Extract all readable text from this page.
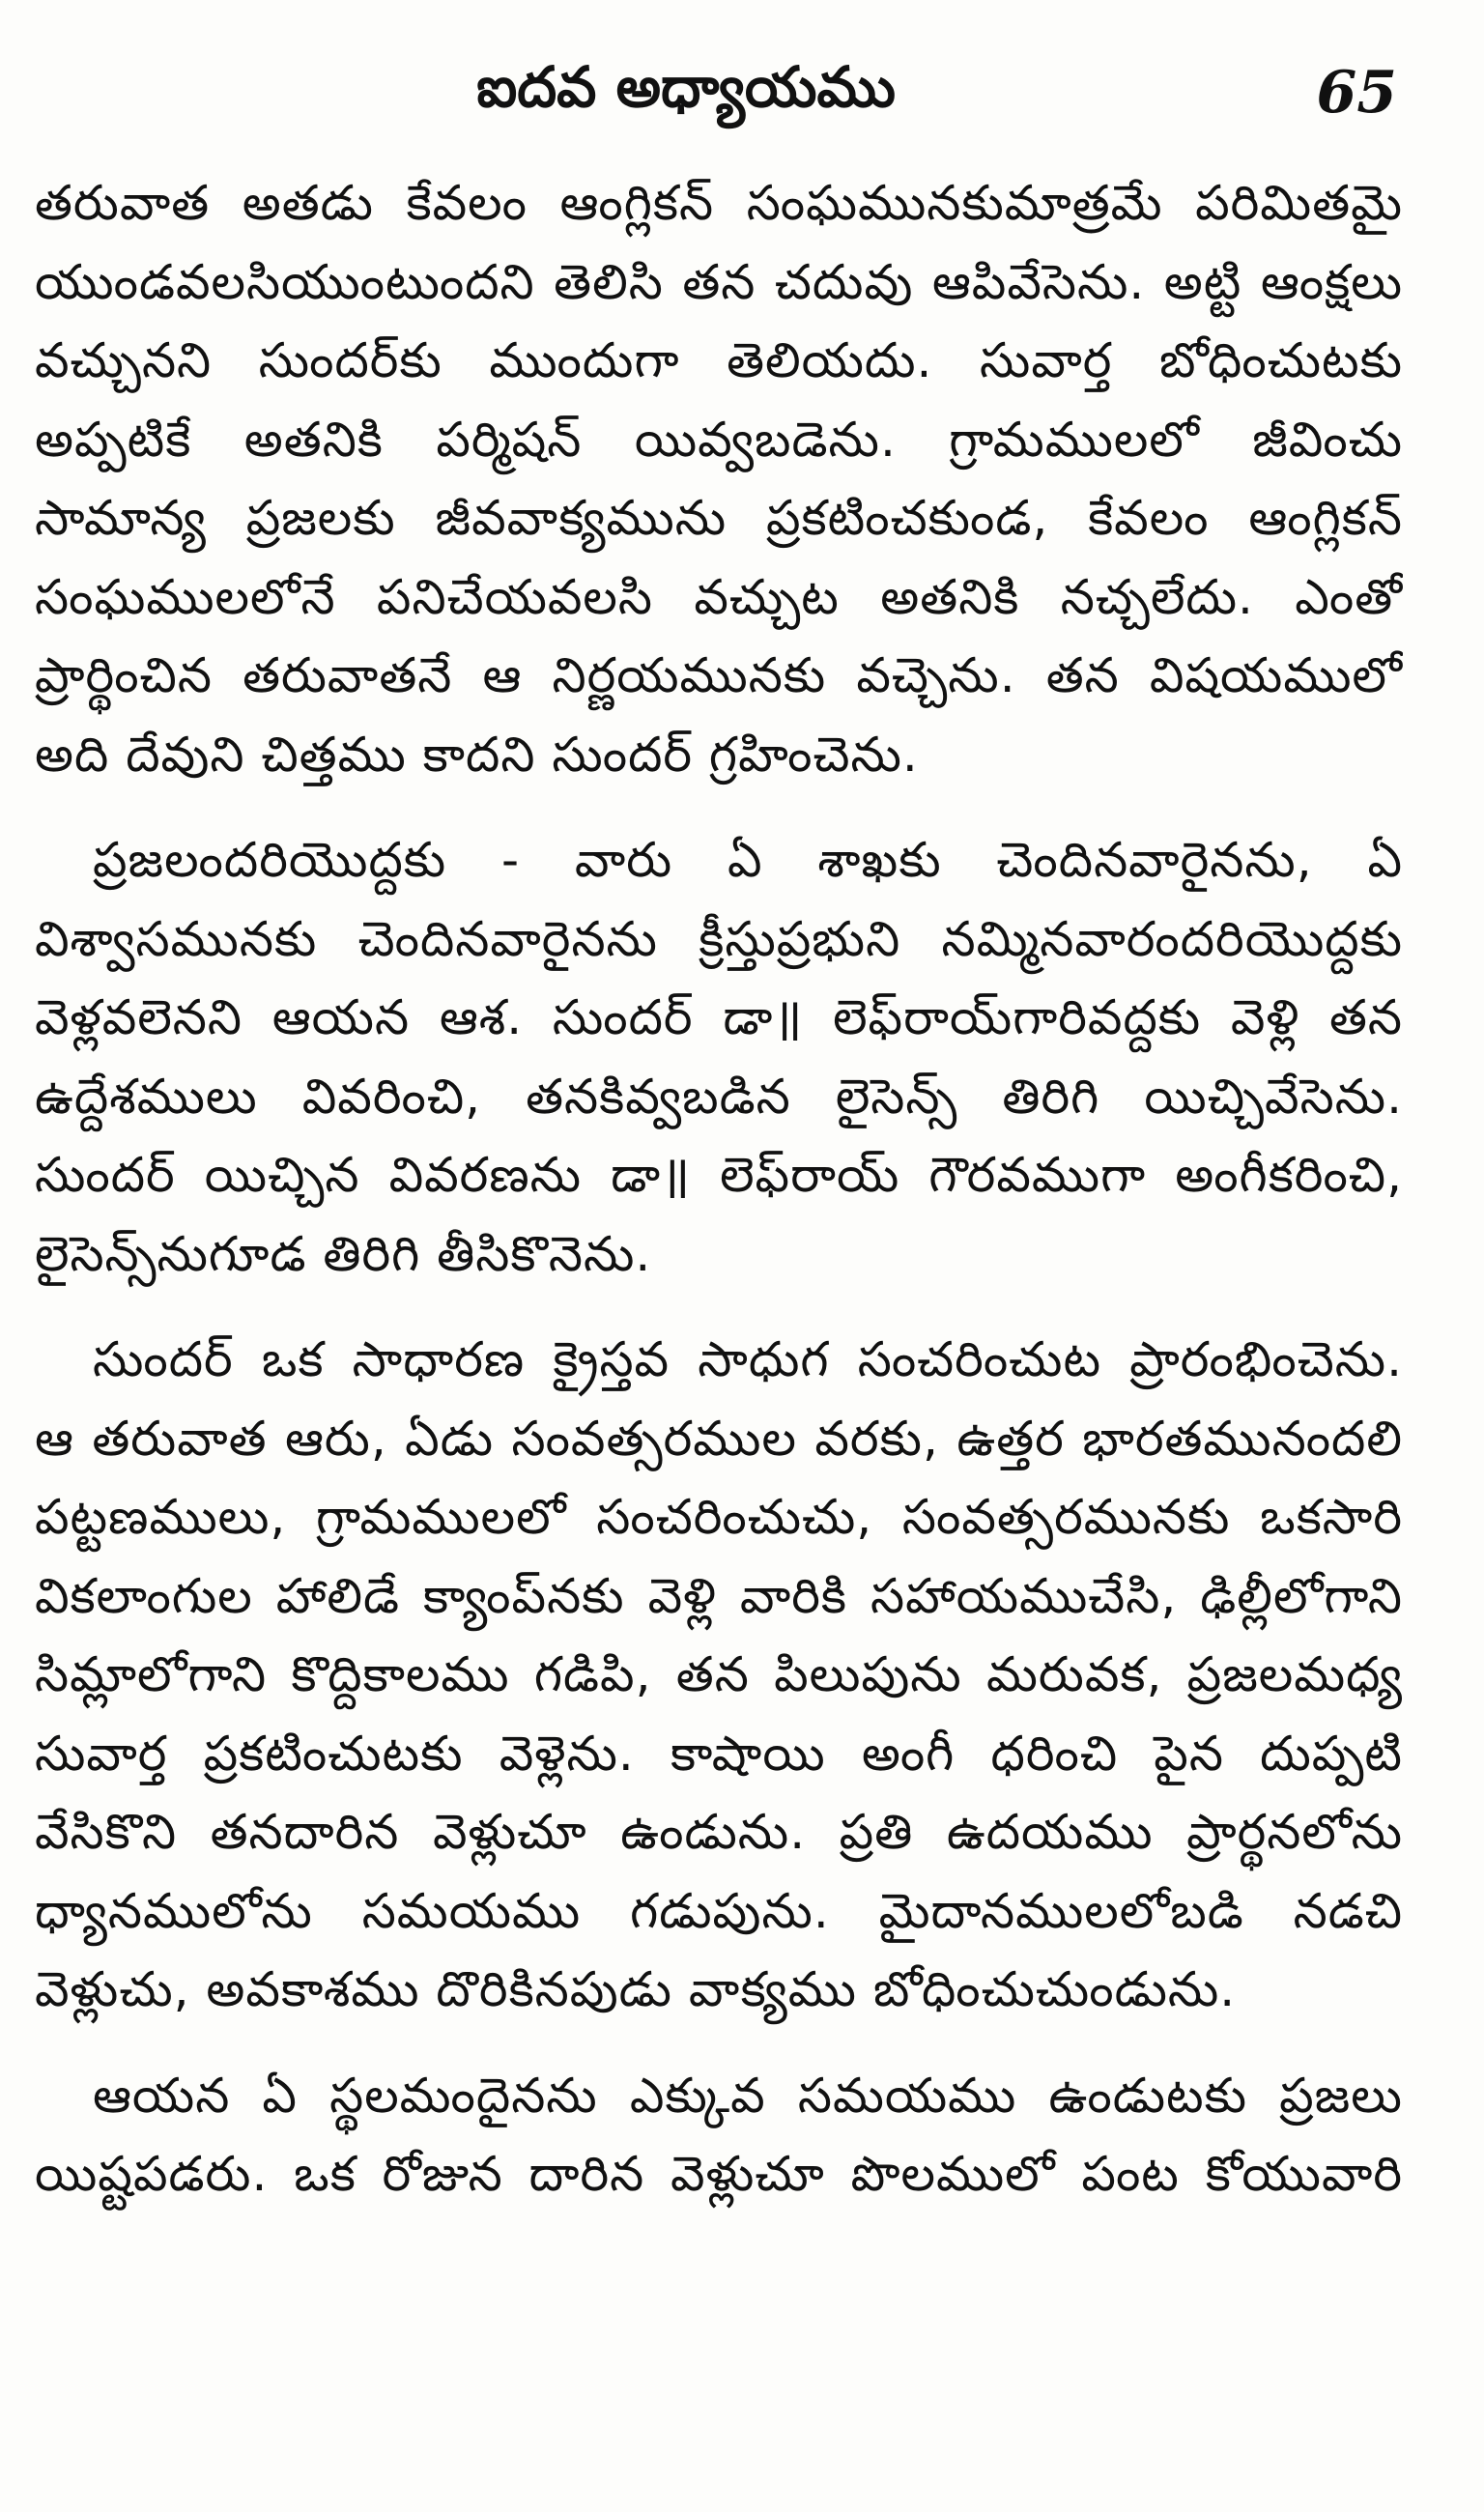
ఐదవ అధ్యాయము	65
తరువాత అతడు కేవలం ఆంగ్లికన్ సంఘమునకుమాత్రమే పరిమితమై
యుండవలసియుంటుందని తెలిసి తన చదువు ఆపివేసెను. అట్టి ఆంక్షలు
వచ్చునని సుందర్‌కు ముందుగా తెలియదు. సువార్త బోధించుటకు
అప్పటికే అతనికి పర్మిషన్ యివ్వబడెను. గ్రామములలో జీవించు
సామాన్య ప్రజలకు జీవవాక్యమును ప్రకటించకుండ, కేవలం ఆంగ్లికన్
సంఘములలోనే పనిచేయవలసి వచ్చుట అతనికి నచ్చలేదు. ఎంతో
ప్రార్థించిన తరువాతనే ఆ నిర్ణయమునకు వచ్చెను. తన విషయములో
అది దేవుని చిత్తము కాదని సుందర్ గ్రహించెను.
ప్రజలందరియొద్దకు - వారు ఏ శాఖకు చెందినవారైనను, ఏ
విశ్వాసమునకు చెందినవారైనను క్రీస్తుప్రభుని నమ్మినవారందరియొద్దకు
వెళ్లవలెనని ఆయన ఆశ. సుందర్ డా॥ లెఫ్‌రాయ్‌గారివద్దకు వెళ్లి తన
ఉద్దేశములు వివరించి, తనకివ్వబడిన లైసెన్స్ తిరిగి యిచ్చివేసెను.
సుందర్ యిచ్చిన వివరణను డా॥ లెఫ్‌రాయ్ గౌరవముగా అంగీకరించి,
లైసెన్స్‌నుగూడ తిరిగి తీసికొనెను.
సుందర్ ఒక సాధారణ క్రైస్తవ సాధుగ సంచరించుట ప్రారంభించెను.
ఆ తరువాత ఆరు, ఏడు సంవత్సరముల వరకు, ఉత్తర భారతమునందలి
పట్టణములు, గ్రామములలో సంచరించుచు, సంవత్సరమునకు ఒకసారి
వికలాంగుల హాలిడే క్యాంప్‌నకు వెళ్లి వారికి సహాయముచేసి, ఢిల్లీలోగాని
సిమ్లాలోగాని కొద్దికాలము గడిపి, తన పిలుపును మరువక, ప్రజలమధ్య
సువార్త ప్రకటించుటకు వెళ్లెను. కాషాయి అంగీ ధరించి పైన దుప్పటి
వేసికొని తనదారిన వెళ్లుచూ ఉండును. ప్రతి ఉదయము ప్రార్థనలోను
ధ్యానములోను సమయము గడుపును. మైదానములలోబడి నడచి
వెళ్లుచు, అవకాశము దొరికినపుడు వాక్యము బోధించుచుండును.
ఆయన ఏ స్థలమందైనను ఎక్కువ సమయము ఉండుటకు ప్రజలు
యిష్టపడరు. ఒక రోజున దారిన వెళ్లుచూ పొలములో పంట కోయువారి
